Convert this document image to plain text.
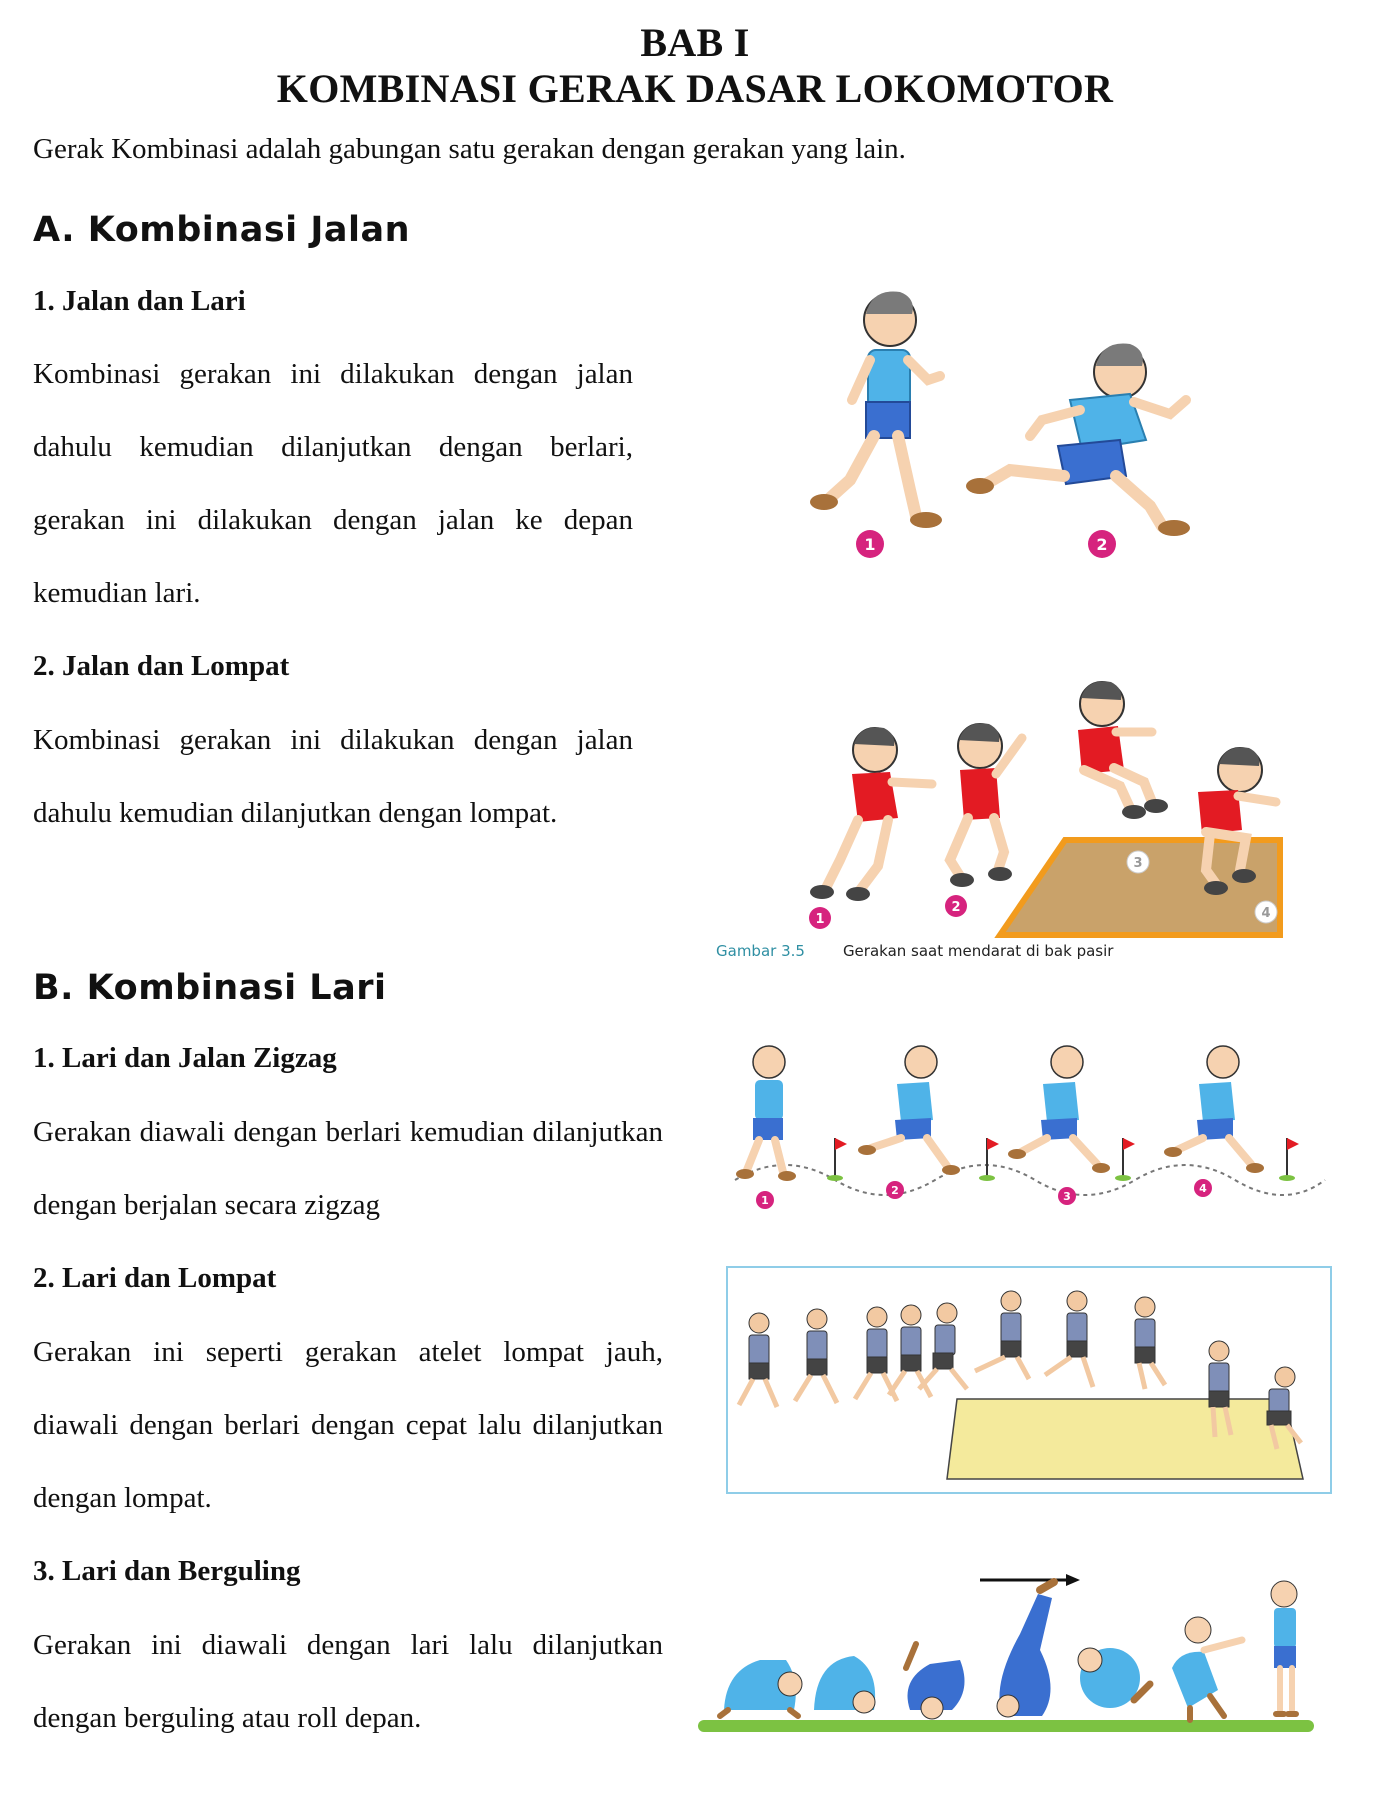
BAB I
KOMBINASI GERAK DASAR LOKOMOTOR
Gerak Kombinasi adalah gabungan satu gerakan dengan gerakan yang lain.
A. Kombinasi Jalan
1. Jalan dan Lari
Kombinasi gerakan ini dilakukan dengan jalan dahulu kemudian dilanjutkan dengan berlari, gerakan ini dilakukan dengan jalan ke depan kemudian lari.
2. Jalan dan Lompat
Kombinasi gerakan ini dilakukan dengan jalan dahulu kemudian dilanjutkan dengan lompat.
B. Kombinasi Lari
1. Lari dan Jalan Zigzag
Gerakan diawali dengan berlari kemudian dilanjutkan dengan berjalan secara zigzag
2. Lari dan Lompat
Gerakan ini seperti gerakan atelet lompat jauh, diawali dengan berlari dengan cepat lalu dilanjutkan dengan lompat.
3. Lari dan Berguling
Gerakan ini diawali dengan lari lalu dilanjutkan dengan berguling atau roll depan.
1	2
1
2
3
4
Gambar 3.5	Gerakan saat mendarat di bak pasir
1
2	3
4
